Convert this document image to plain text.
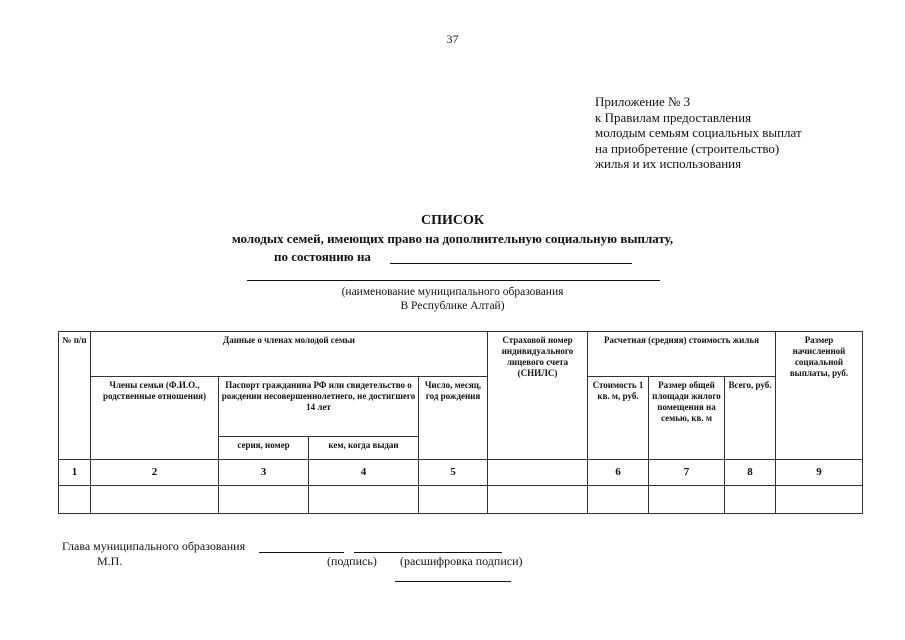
37
Приложение № 3
к Правилам предоставления
молодым семьям социальных выплат
на приобретение (строительство)
жилья и их использования
СПИСОК
молодых семей, имеющих право на дополнительную социальную выплату,
по состоянию на
(наименование муниципального образования
В Республике Алтай)
№ п/п	Данные о членах молодой семьи				Страховой номер индивидуального лицевого счета (СНИЛС)	Расчетная (средняя) стоимость жилья			Размер начисленной социальной выплаты, руб.
	Члены семьи (Ф.И.О., родственные отношения)	Паспорт гражданина РФ или свидетельство о рождении несовершеннолетнего, не достигшего 14 лет		Число, месяц, год рождения		Стоимость 1 кв. м, руб.	Размер общей площади жилого помещения на семью, кв. м	Всего, руб.	
		серия, номер	кем, когда выдан						
1	2	3	4	5		6	7	8	9

Глава муниципального образования
М.П.	(подпись) (расшифровка подписи)
